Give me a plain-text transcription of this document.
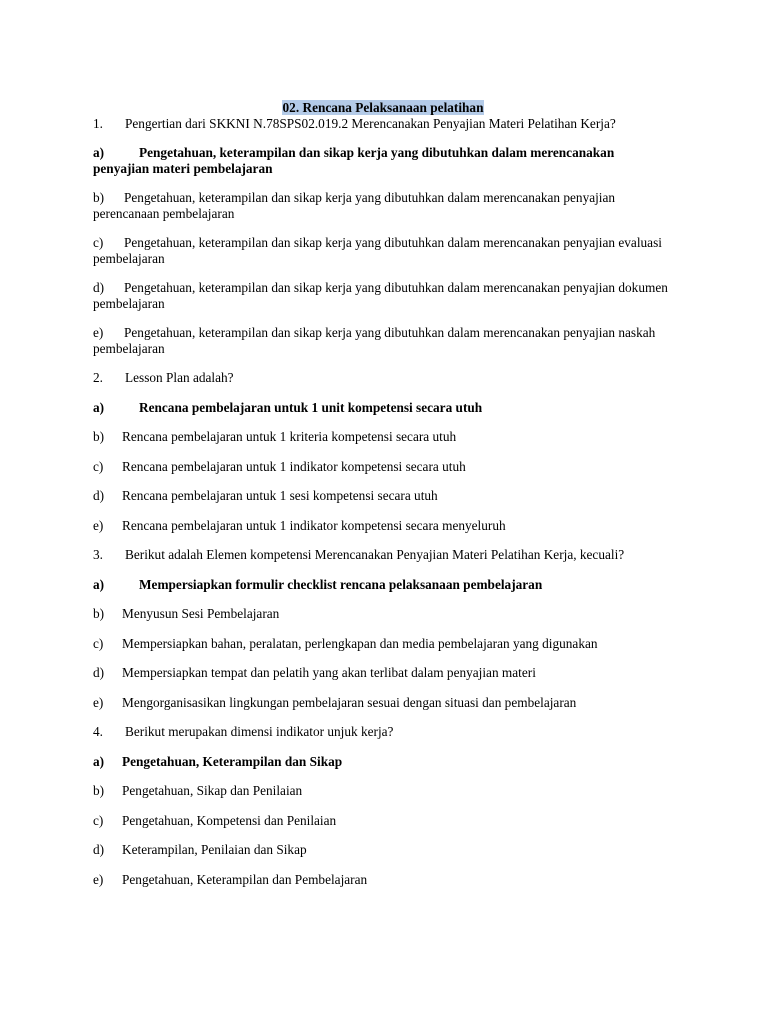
02. Rencana Pelaksanaan pelatihan

1. Pengertian dari SKKNI N.78SPS02.019.2 Merencanakan Penyajian Materi Pelatihan Kerja?

a)	Pengetahuan, keterampilan dan sikap kerja yang dibutuhkan dalam merencanakan penyajian materi pembelajaran

b) Pengetahuan, keterampilan dan sikap kerja yang dibutuhkan dalam merencanakan penyajian perencanaan pembelajaran

c) Pengetahuan, keterampilan dan sikap kerja yang dibutuhkan dalam merencanakan penyajian evaluasi pembelajaran

d) Pengetahuan, keterampilan dan sikap kerja yang dibutuhkan dalam merencanakan penyajian dokumen pembelajaran

e) Pengetahuan, keterampilan dan sikap kerja yang dibutuhkan dalam merencanakan penyajian naskah pembelajaran

2. Lesson Plan adalah?

a)	Rencana pembelajaran untuk 1 unit kompetensi secara utuh

b) Rencana pembelajaran untuk 1 kriteria kompetensi secara utuh

c) Rencana pembelajaran untuk 1 indikator kompetensi secara utuh

d) Rencana pembelajaran untuk 1 sesi kompetensi secara utuh

e) Rencana pembelajaran untuk 1 indikator kompetensi secara menyeluruh

3. Berikut adalah Elemen kompetensi Merencanakan Penyajian Materi Pelatihan Kerja, kecuali?

a)	Mempersiapkan formulir checklist rencana pelaksanaan pembelajaran

b) Menyusun Sesi Pembelajaran

c) Mempersiapkan bahan, peralatan, perlengkapan dan media pembelajaran yang digunakan

d) Mempersiapkan tempat dan pelatih yang akan terlibat dalam penyajian materi

e) Mengorganisasikan lingkungan pembelajaran sesuai dengan situasi dan pembelajaran

4. Berikut merupakan dimensi indikator unjuk kerja?

a) Pengetahuan, Keterampilan dan Sikap

b) Pengetahuan, Sikap dan Penilaian

c) Pengetahuan, Kompetensi dan Penilaian

d) Keterampilan, Penilaian dan Sikap

e) Pengetahuan, Keterampilan dan Pembelajaran
